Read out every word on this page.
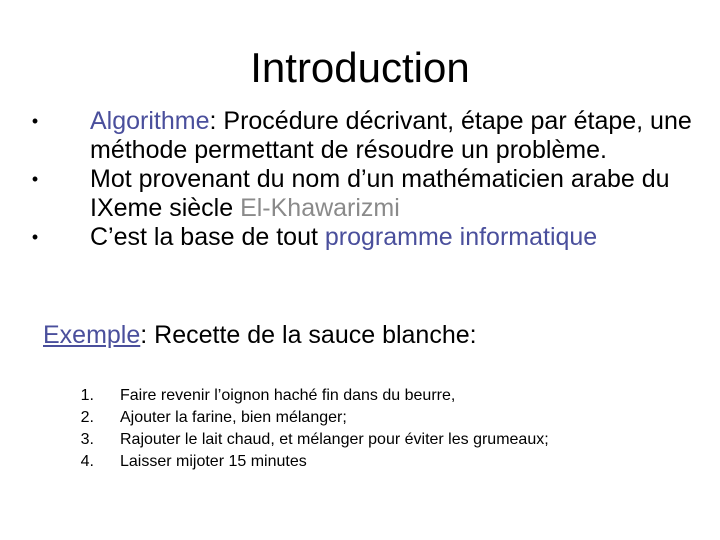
Introduction
• Algorithme: Procédure décrivant, étape par étape, une méthode permettant de résoudre un problème.
• Mot provenant du nom d’un mathématicien arabe du IXeme siècle El-Khawarizmi
• C’est la base de tout programme informatique
Exemple: Recette de la sauce blanche:
1. Faire revenir l’oignon haché fin dans du beurre,
2. Ajouter la farine, bien mélanger;
3. Rajouter le lait chaud, et mélanger pour éviter les grumeaux;
4. Laisser mijoter 15 minutes
